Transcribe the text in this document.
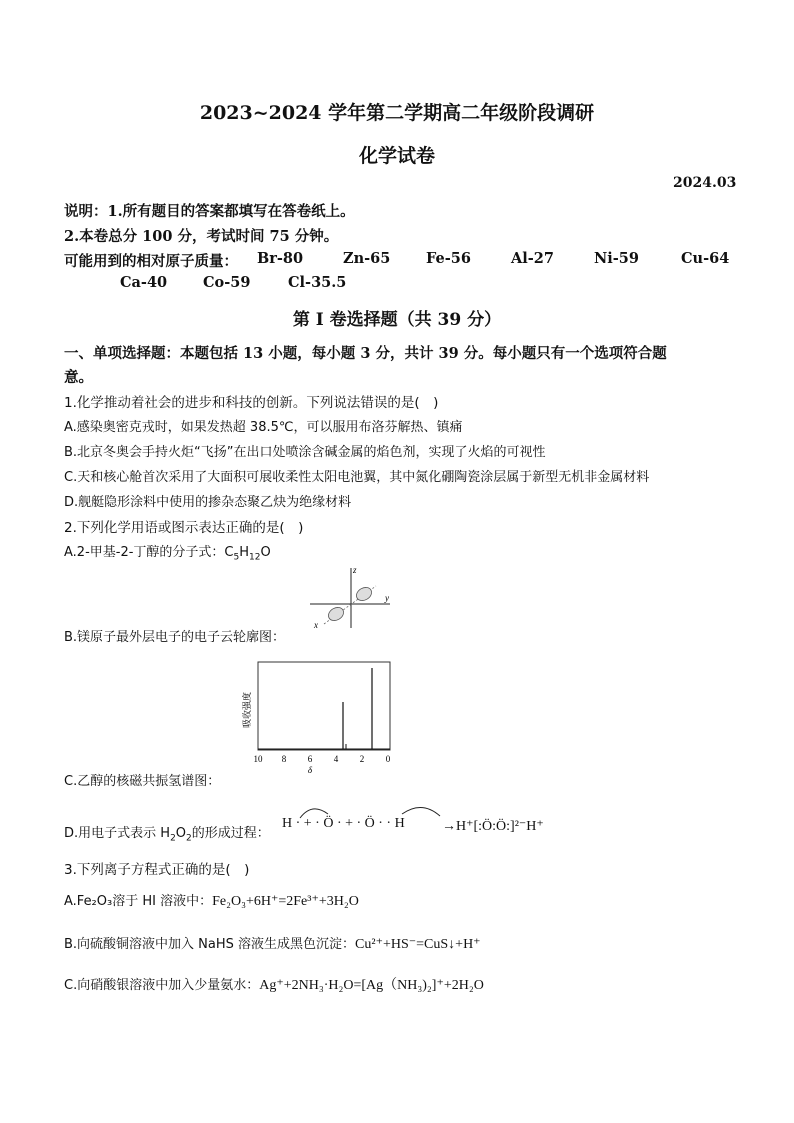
2023~2024 学年第二学期高二年级阶段调研
化学试卷
2024.03
说明：1.所有题目的答案都填写在答卷纸上。
2.本卷总分 100 分，考试时间 75 分钟。
可能用到的相对原子质量： Br-80	Zn-65 Fe-56	Al-27	Ni-59	Cu-64
Ca-40 Co-59	Cl-35.5
第 I 卷选择题（共 39 分）
一、单项选择题：本题包括 13 小题，每小题 3 分，共计 39 分。每小题只有一个选项符合题
意。
1.化学推动着社会的进步和科技的创新。下列说法错误的是(　)
A.感染奥密克戎时，如果发热超 38.5℃，可以服用布洛芬解热、镇痛
B.北京冬奥会手持火炬“飞扬”在出口处喷涂含碱金属的焰色剂，实现了火焰的可视性
C.天和核心舱首次采用了大面积可展收柔性太阳电池翼，其中氮化硼陶瓷涂层属于新型无机非金属材料
D.舰艇隐形涂料中使用的掺杂态聚乙炔为绝缘材料
2.下列化学用语或图示表达正确的是(　)
A.2-甲基-2-丁醇的分子式：$C_5H_{12}O$
z
y
x
B.镁原子最外层电子的电子云轮廓图：
吸收强度
10 8 6 4 2 0
δ
C.乙醇的核磁共振氢谱图：
D.用电子式表示 $H_2O_2$的形成过程：
H · + · Ö · + · Ö · · H	→H⁺[:Ö:Ö:]²⁻H⁺
3.下列离子方程式正确的是(　)
A.Fe₂O₃溶于 HI 溶液中：Fe₂O₃+6H⁺=2Fe³⁺+3H₂O
B.向硫酸铜溶液中加入 NaHS 溶液生成黑色沉淀：Cu²⁺+HS⁻=CuS↓+H⁺
C.向硝酸银溶液中加入少量氨水：Ag⁺+2NH₃·H₂O=[Ag（NH₃)₂]⁺+2H₂O
